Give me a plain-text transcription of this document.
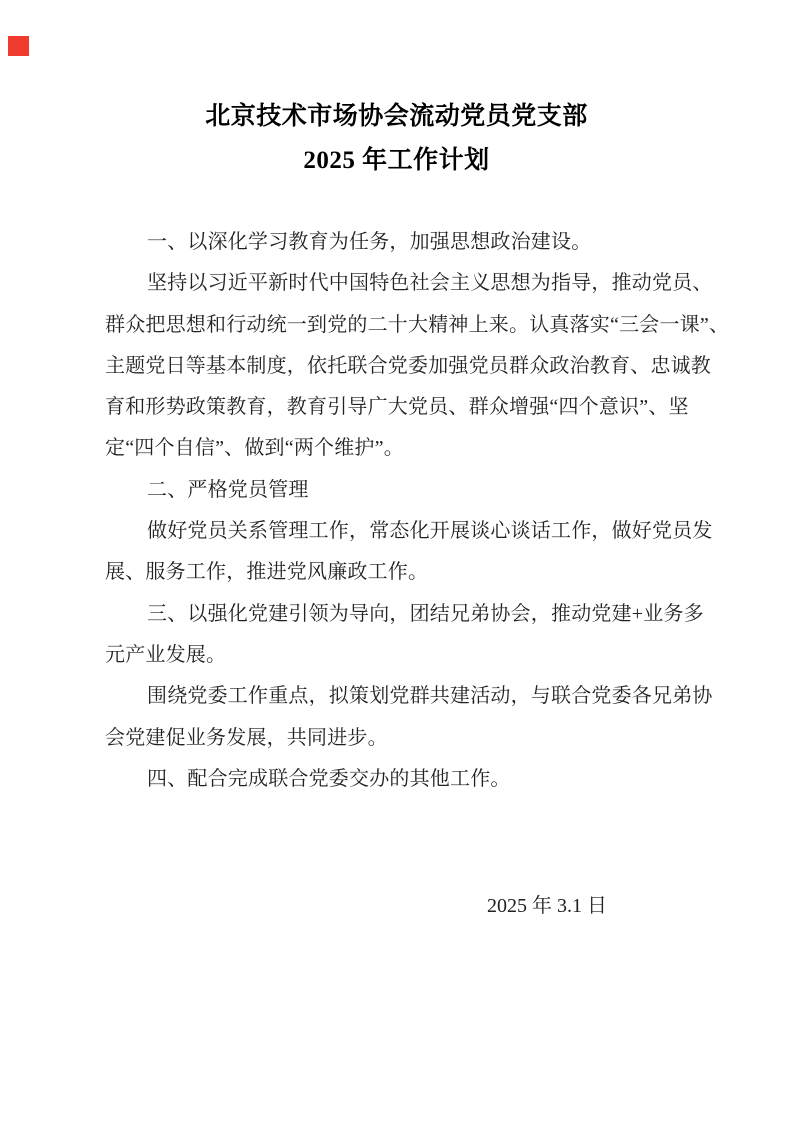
北京技术市场协会流动党员党支部
2025 年工作计划
一、以深化学习教育为任务，加强思想政治建设。
坚持以习近平新时代中国特色社会主义思想为指导，推动党员、
群众把思想和行动统一到党的二十大精神上来。认真落实“三会一课”、
主题党日等基本制度，依托联合党委加强党员群众政治教育、忠诚教
育和形势政策教育，教育引导广大党员、群众增强“四个意识”、坚
定“四个自信”、做到“两个维护”。
二、严格党员管理
做好党员关系管理工作，常态化开展谈心谈话工作，做好党员发
展、服务工作，推进党风廉政工作。
三、以强化党建引领为导向，团结兄弟协会，推动党建+业务多
元产业发展。
围绕党委工作重点，拟策划党群共建活动，与联合党委各兄弟协
会党建促业务发展，共同进步。
四、配合完成联合党委交办的其他工作。
2025 年 3.1 日
